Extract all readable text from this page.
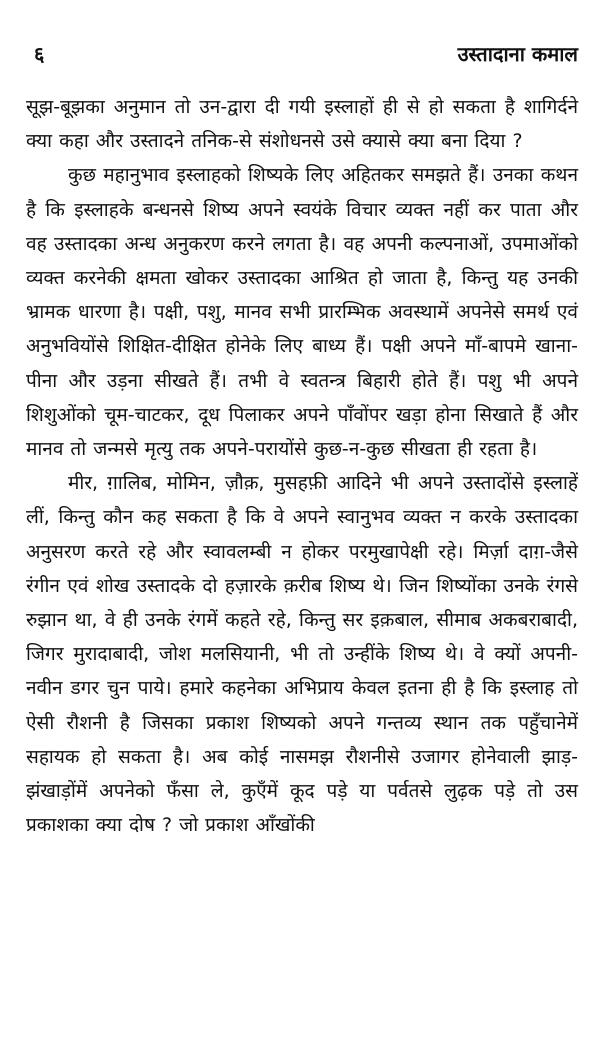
६	उस्तादाना कमाल

सूझ-बूझका अनुमान तो उन-द्वारा दी गयी इस्लाहों ही से हो सकता है शागिर्दने क्या कहा और उस्तादने तनिक-से संशोधनसे उसे क्यासे क्या बना दिया ?

कुछ महानुभाव इस्लाहको शिष्यके लिए अहितकर समझते हैं। उनका कथन है कि इस्लाहके बन्धनसे शिष्य अपने स्वयंके विचार व्यक्त नहीं कर पाता और वह उस्तादका अन्ध अनुकरण करने लगता है। वह अपनी कल्पनाओं, उपमाओंको व्यक्त करनेकी क्षमता खोकर उस्तादका आश्रित हो जाता है, किन्तु यह उनकी भ्रामक धारणा है। पक्षी, पशु, मानव सभी प्रारम्भिक अवस्थामें अपनेसे समर्थ एवं अनुभवियोंसे शिक्षित-दीक्षित होनेके लिए बाध्य हैं। पक्षी अपने माँ-बापमे खाना-पीना और उड़ना सीखते हैं। तभी वे स्वतन्त्र बिहारी होते हैं। पशु भी अपने शिशुओंको चूम-चाटकर, दूध पिलाकर अपने पाँवोंपर खड़ा होना सिखाते हैं और मानव तो जन्मसे मृत्यु तक अपने-परायोंसे कुछ-न-कुछ सीखता ही रहता है।

मीर, ग़ालिब, मोमिन, ज़ौक़, मुसहफ़ी आदिने भी अपने उस्तादोंसे इस्लाहें लीं, किन्तु कौन कह सकता है कि वे अपने स्वानुभव व्यक्त न करके उस्तादका अनुसरण करते रहे और स्वावलम्बी न होकर परमुखापेक्षी रहे। मिर्ज़ा दाग़-जैसे रंगीन एवं शोख उस्तादके दो हज़ारके क़रीब शिष्य थे। जिन शिष्योंका उनके रंगसे रुझान था, वे ही उनके रंगमें कहते रहे, किन्तु सर इक़बाल, सीमाब अकबराबादी, जिगर मुरादाबादी, जोश मलसियानी, भी तो उन्हींके शिष्य थे। वे क्यों अपनी-नवीन डगर चुन पाये। हमारे कहनेका अभिप्राय केवल इतना ही है कि इस्लाह तो ऐसी रौशनी है जिसका प्रकाश शिष्यको अपने गन्तव्य स्थान तक पहुँचानेमें सहायक हो सकता है। अब कोई नासमझ रौशनीसे उजागर होनेवाली झाड़-झंखाड़ोंमें अपनेको फँसा ले, कुएँमें कूद पड़े या पर्वतसे लुढ़क पड़े तो उस प्रकाशका क्या दोष ? जो प्रकाश आँखोंकी
